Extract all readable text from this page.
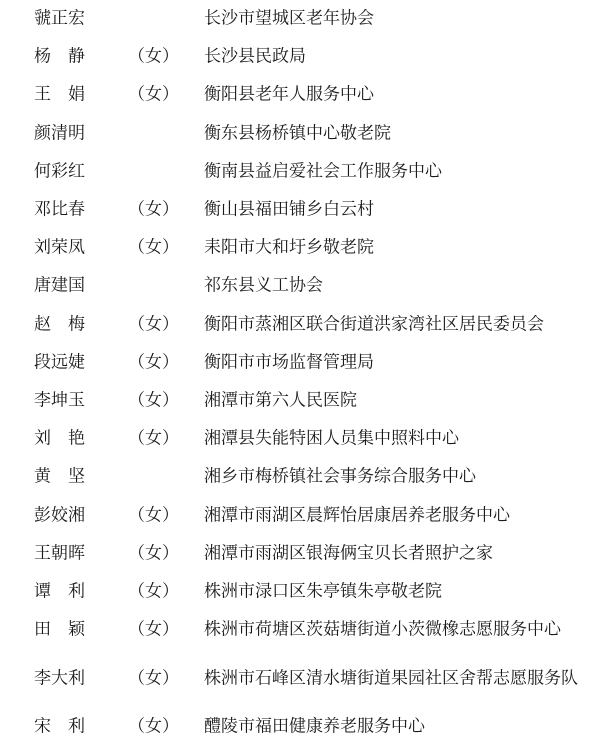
虢正宏	长沙市望城区老年协会
杨　静	（女） 长沙县民政局
王　娟	（女） 衡阳县老年人服务中心
颜清明	衡东县杨桥镇中心敬老院
何彩红	衡南县益启爱社会工作服务中心
邓比春	（女） 衡山县福田铺乡白云村
刘荣凤	（女） 耒阳市大和圩乡敬老院
唐建国	祁东县义工协会
赵　梅	（女） 衡阳市蒸湘区联合街道洪家湾社区居民委员会
段远婕	（女） 衡阳市市场监督管理局
李坤玉	（女） 湘潭市第六人民医院
刘　艳	（女） 湘潭县失能特困人员集中照料中心
黄　坚	湘乡市梅桥镇社会事务综合服务中心
彭姣湘	（女） 湘潭市雨湖区晨辉怡居康居养老服务中心
王朝晖	（女） 湘潭市雨湖区银海俩宝贝长者照护之家
谭　利	（女） 株洲市渌口区朱亭镇朱亭敬老院
田　颖	（女） 株洲市荷塘区茨菇塘街道小茨微橡志愿服务中心
李大利	（女） 株洲市石峰区清水塘街道果园社区舍帮志愿服务队
宋　利	（女） 醴陵市福田健康养老服务中心
